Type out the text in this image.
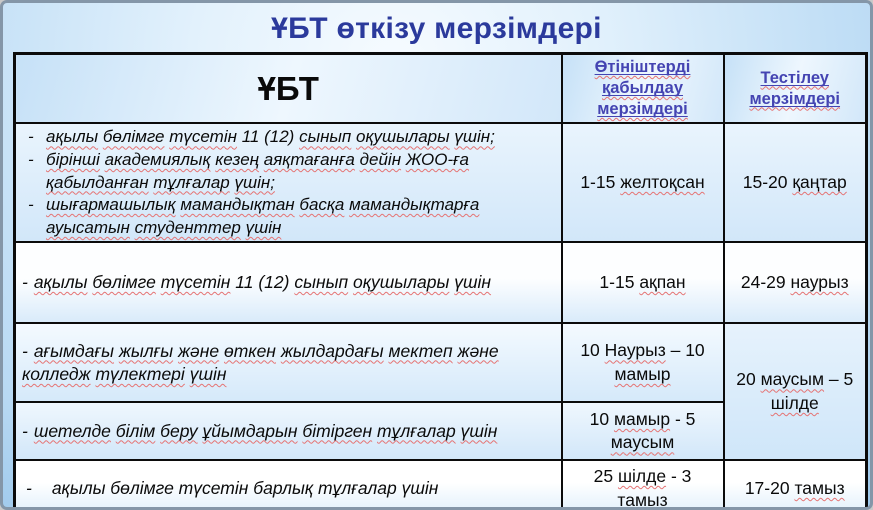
ҰБТ өткізу мерзімдері
ҰБТ	Өтініштерді қабылдау мерзімдері	Тестілеу мерзімдері

- ақылы бөлімге түсетін 11 (12) сынып оқушылары үшін;
- бірінші академиялық кезең аяқтағанға дейін ЖОО-ға қабылданған тұлғалар үшін;
- шығармашылық мамандықтан басқа мамандықтарға ауысатын студенттер үшін
	1-15 желтоқсан	15-20 қаңтар

- ақылы бөлімге түсетін 11 (12) сынып оқушылары үшін	1-15 ақпан	24-29 наурыз

- ағымдағы жылғы және өткен жылдардағы мектеп және колледж түлектері үшін	10 Наурыз – 10 мамыр	20 маусым – 5 шілде

- шетелде білім беру ұйымдарын бітірген тұлғалар үшін	10 мамыр - 5 маусым	

- ақылы бөлімге түсетін барлық тұлғалар үшін	25 шілде - 3 тамыз	17-20 тамыз
